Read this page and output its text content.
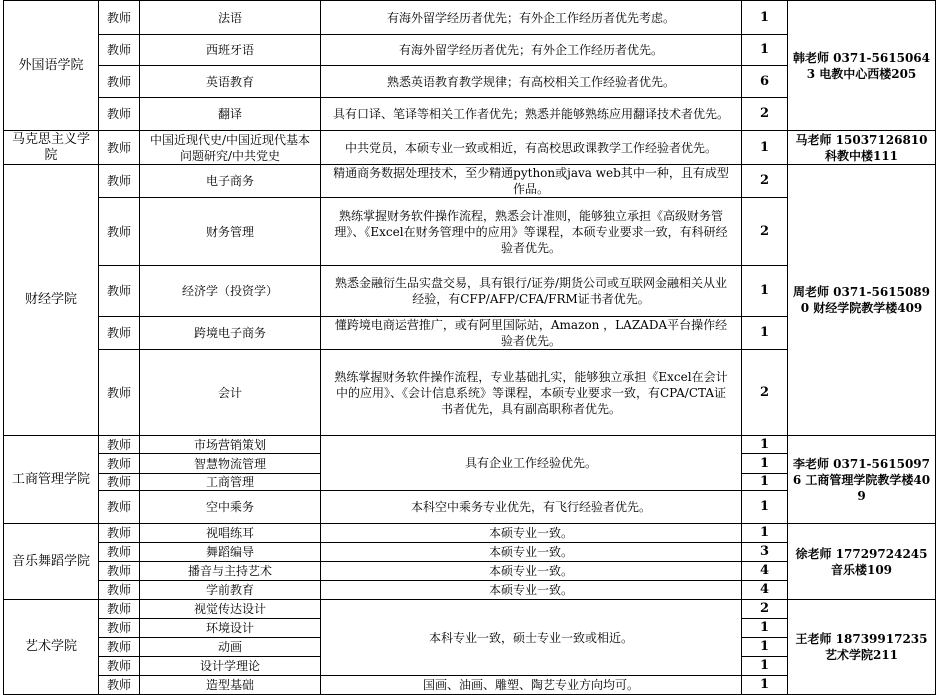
外国语学院	教师	法语	有海外留学经历者优先；有外企工作经历者优先考虑。	1	韩老师 0371-56150643 电教中心西楼205
	教师	西班牙语	有海外留学经历者优先；有外企工作经历者优先。	1	
	教师	英语教育	熟悉英语教育教学规律；有高校相关工作经验者优先。	6	
	教师	翻译	具有口译、笔译等相关工作者优先；熟悉并能够熟练应用翻译技术者优先。	2	
马克思主义学院	教师	中国近现代史/中国近现代基本问题研究/中共党史	中共党员，本硕专业一致或相近，有高校思政课教学工作经验者优先。	1	马老师 15037126810 科教中楼111
财经学院	教师	电子商务	精通商务数据处理技术，至少精通python或java web其中一种，且有成型作品。	2	周老师 0371-56150890 财经学院教学楼409
	教师	财务管理	熟练掌握财务软件操作流程，熟悉会计准则，能够独立承担《高级财务管理》、《Excel在财务管理中的应用》等课程，本硕专业要求一致，有科研经验者优先。	2	
	教师	经济学（投资学）	熟悉金融衍生品实盘交易，具有银行/证券/期货公司或互联网金融相关从业经验，有CFP/AFP/CFA/FRM证书者优先。	1	
	教师	跨境电子商务	懂跨境电商运营推广，或有阿里国际站，Amazon ，LAZADA平台操作经验者优先。	1	
	教师	会计	熟练掌握财务软件操作流程，专业基础扎实，能够独立承担《Excel在会计中的应用》、《会计信息系统》等课程，本硕专业要求一致，有CPA/CTA证书者优先，具有副高职称者优先。	2	
工商管理学院	教师	市场营销策划	具有企业工作经验优先。	1	李老师 0371-56150976 工商管理学院教学楼409
	教师	智慧物流管理		1	
	教师	工商管理		1	
	教师	空中乘务	本科空中乘务专业优先，有飞行经验者优先。	1	
音乐舞蹈学院	教师	视唱练耳	本硕专业一致。	1	徐老师 17729724245 音乐楼109
	教师	舞蹈编导	本硕专业一致。	3	
	教师	播音与主持艺术	本硕专业一致。	4	
	教师	学前教育	本硕专业一致。	4	
艺术学院	教师	视觉传达设计	本科专业一致，硕士专业一致或相近。	2	王老师 18739917235 艺术学院211
	教师	环境设计		1	
	教师	动画		1	
	教师	设计学理论		1	
	教师	造型基础	国画、油画、雕塑、陶艺专业方向均可。	1	
